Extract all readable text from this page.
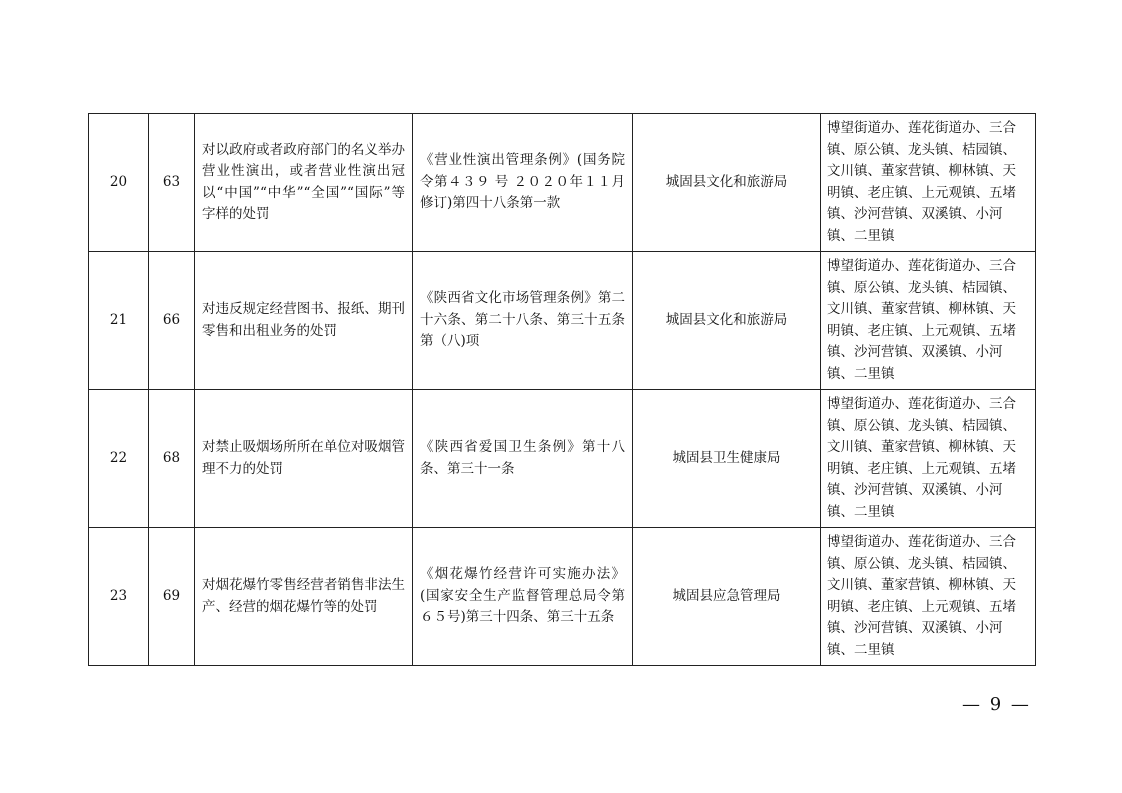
20	63	对以政府或者政府部门的名义举办营业性演出，或者营业性演出冠以“中国”“中华”“全国”“国际”等字样的处罚	《营业性演出管理条例》(国务院令第４３９ 号 ２０２０年１１月修订)第四十八条第一款	城固县文化和旅游局	博望街道办、莲花街道办、三合镇、原公镇、龙头镇、桔园镇、文川镇、董家营镇、柳林镇、天明镇、老庄镇、上元观镇、五堵镇、沙河营镇、双溪镇、小河镇、二里镇
21	66	对违反规定经营图书、报纸、期刊零售和出租业务的处罚	《陕西省文化市场管理条例》第二十六条、第二十八条、第三十五条第（八)项	城固县文化和旅游局	博望街道办、莲花街道办、三合镇、原公镇、龙头镇、桔园镇、文川镇、董家营镇、柳林镇、天明镇、老庄镇、上元观镇、五堵镇、沙河营镇、双溪镇、小河镇、二里镇
22	68	对禁止吸烟场所所在单位对吸烟管理不力的处罚	《陕西省爱国卫生条例》第十八条、第三十一条	城固县卫生健康局	博望街道办、莲花街道办、三合镇、原公镇、龙头镇、桔园镇、文川镇、董家营镇、柳林镇、天明镇、老庄镇、上元观镇、五堵镇、沙河营镇、双溪镇、小河镇、二里镇
23	69	对烟花爆竹零售经营者销售非法生产、经营的烟花爆竹等的处罚	《烟花爆竹经营许可实施办法》(国家安全生产监督管理总局令第６５号)第三十四条、第三十五条	城固县应急管理局	博望街道办、莲花街道办、三合镇、原公镇、龙头镇、桔园镇、文川镇、董家营镇、柳林镇、天明镇、老庄镇、上元观镇、五堵镇、沙河营镇、双溪镇、小河镇、二里镇
— 9 —
